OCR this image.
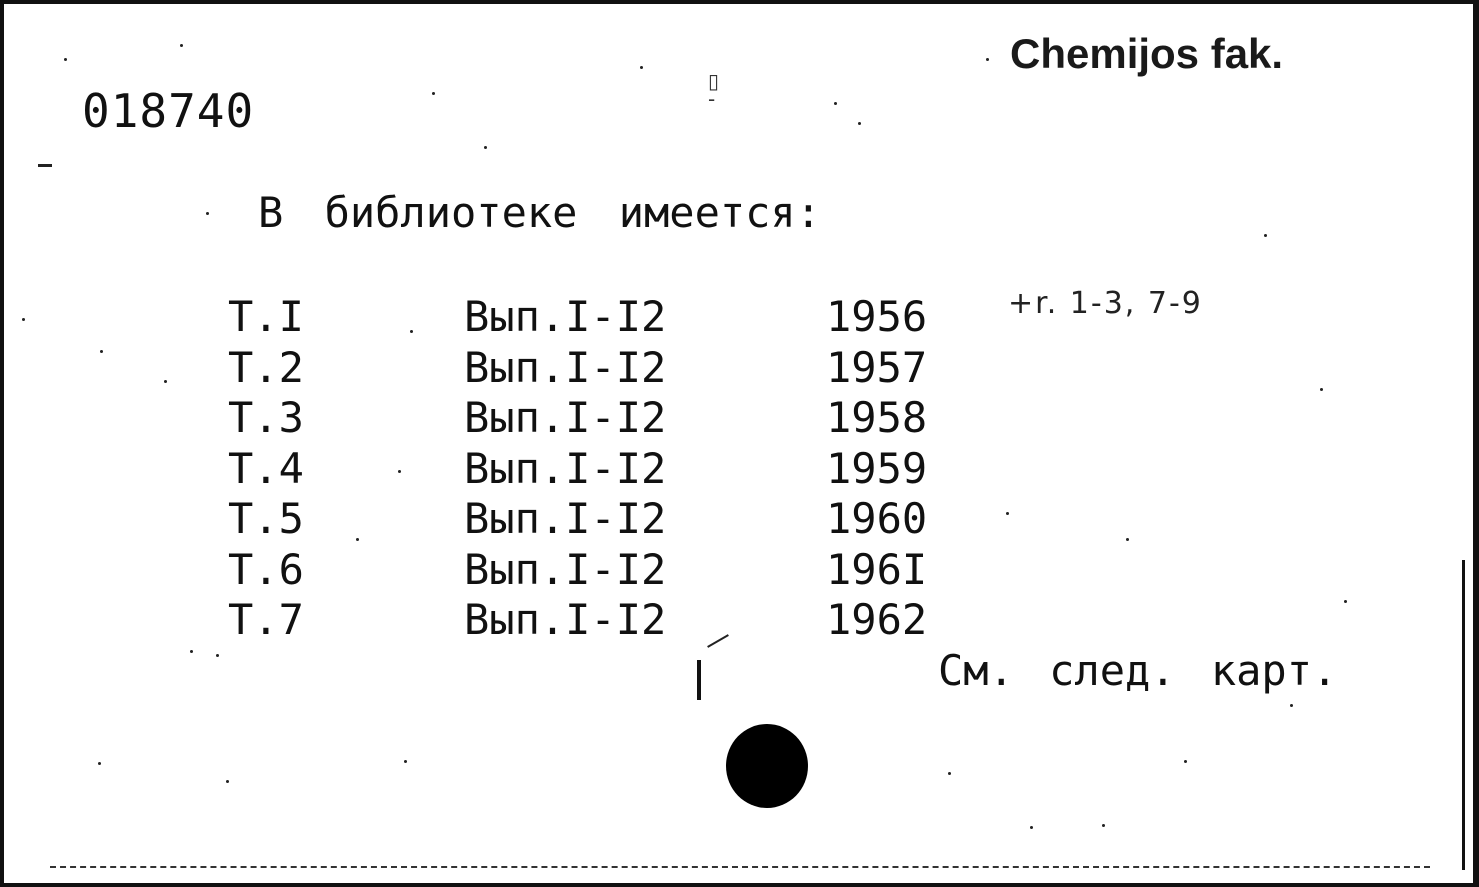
018740
Chemijos fak.
▯
-
В библиотеке имеется:
Т.I	Вып.I-I2	1956
Т.2	Вып.I-I2	1957
Т.3	Вып.I-I2	1958
Т.4	Вып.I-I2	1959
Т.5	Вып.I-I2	1960
Т.6	Вып.I-I2	196I
Т.7	Вып.I-I2	1962
+r. 1-3, 7-9
См. след. карт.
